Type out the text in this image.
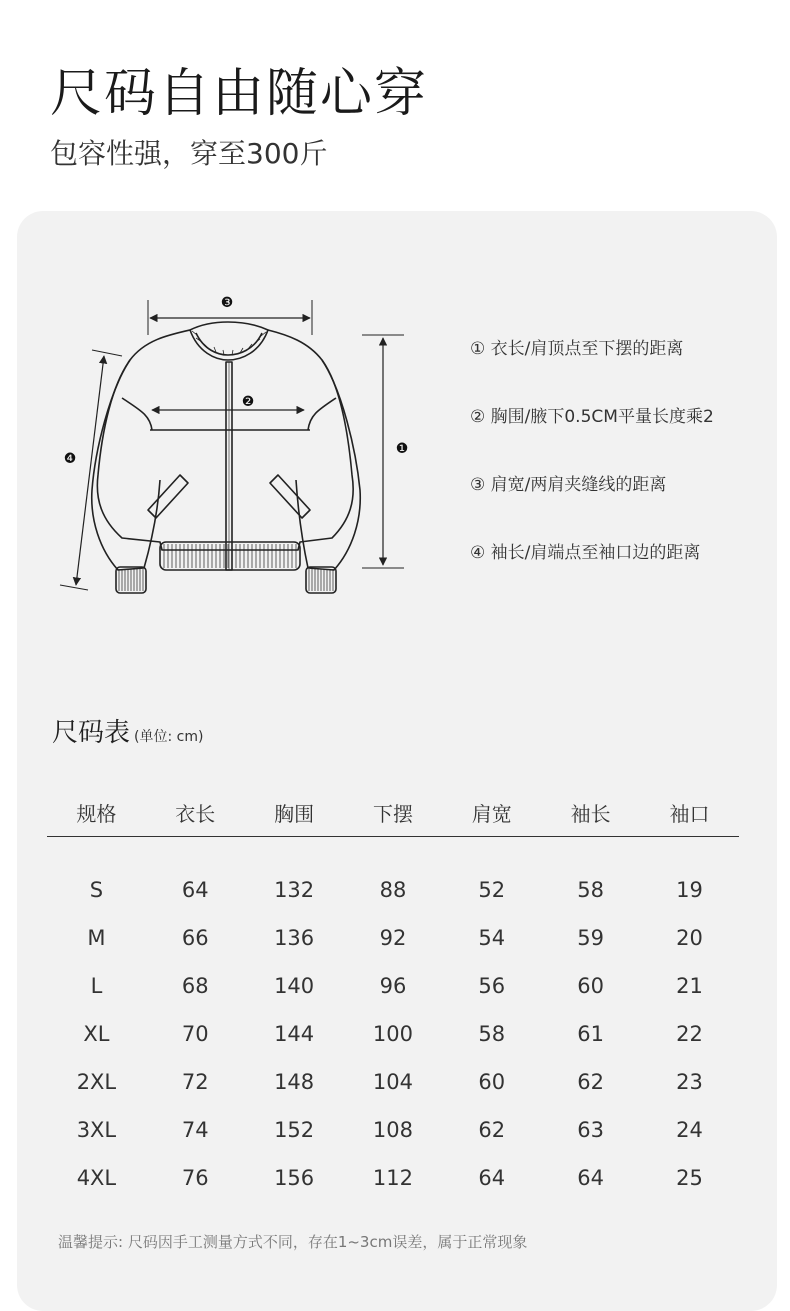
尺码自由随心穿
包容性强，穿至300斤
❸
❷
❶
❹
① 衣长/肩顶点至下摆的距离
② 胸围/腋下0.5CM平量长度乘2
③ 肩宽/两肩夹缝线的距离
④ 袖长/肩端点至袖口边的距离
尺码表 (单位: cm)
规格	衣长	胸围	下摆	肩宽	袖长	袖口

S	64	132	88	52	58	19
M	66	136	92	54	59	20
L	68	140	96	56	60	21
XL	70	144	100	58	61	22
2XL	72	148	104	60	62	23
3XL	74	152	108	62	63	24
4XL	76	156	112	64	64	25
温馨提示: 尺码因手工测量方式不同，存在1~3cm误差，属于正常现象
